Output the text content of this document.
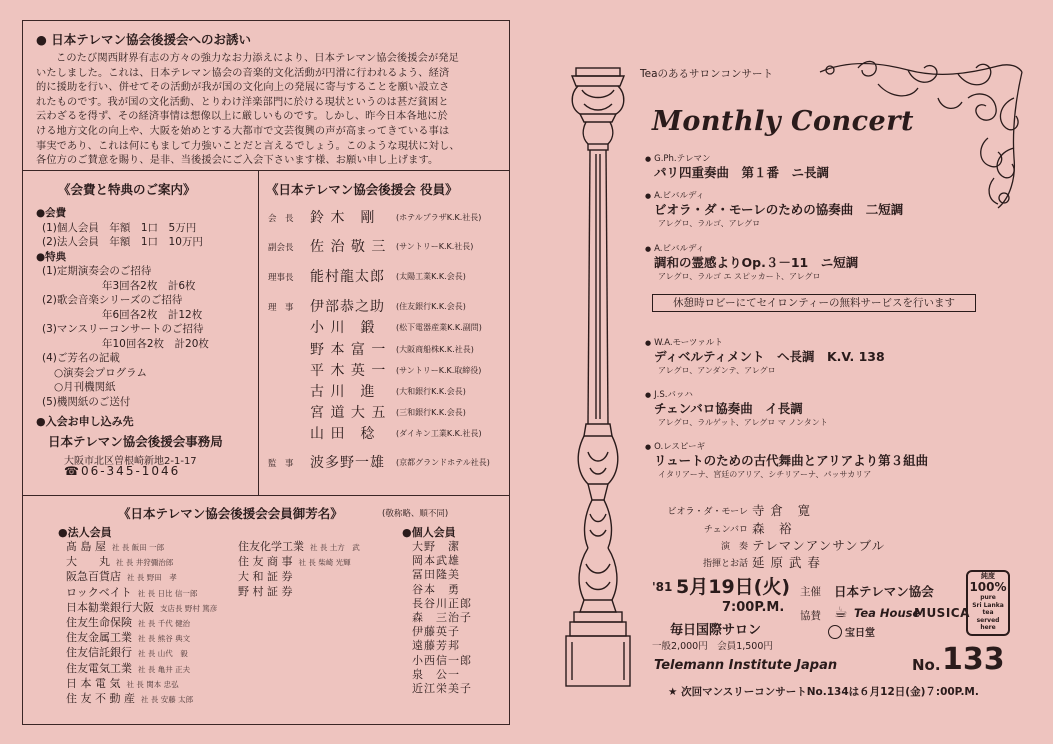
● 日本テレマン協会後援会へのお誘い
このたび関西財界有志の方々の強力なお力添えにより、日本テレマン協会後援会が発足
いたしました。これは、日本テレマン協会の音楽的文化活動が円滑に行われるよう、経済
的に援助を行い、併せてその活動が我が国の文化向上の発展に寄与することを願い設立さ
れたものです。我が国の文化活動、とりわけ洋楽部門に於ける現状というのは甚だ貧困と
云わざるを得ず、その経済事情は想像以上に厳しいものです。しかし、昨今日本各地に於
ける地方文化の向上や、大阪を始めとする大都市で文芸復興の声が高まってきている事は
事実であり、これは何にもまして力強いことだと言えるでしょう。このような現状に対し、
各位方のご賛意を賜り、是非、当後援会にご入会下さいます様、お願い申し上げます。
《会費と特典のご案内》
●会費
(1)個人会員　年額　1口　5万円
(2)法人会員　年額　1口　10万円
●特典
(1)定期演奏会のご招待
年3回各2枚　計6枚
(2)歌会音楽シリーズのご招待
年6回各2枚　計12枚
(3)マンスリーコンサートのご招待
年10回各2枚　計20枚
(4)ご芳名の記載
○演奏会プログラム
○月刊機関紙
(5)機関紙のご送付
●入会お申し込み先
日本テレマン協会後援会事務局
大阪市北区曽根崎新地2-1-17
☎06-345-1046
《日本テレマン協会後援会 役員》
会　長 鈴 木　剛	(ホテルプラザK.K.社長)
副会長 佐 治 敬 三 (サントリーK.K.社長)
理事長 能村龍太郎 (太陽工業K.K.会長)
理　事 伊部恭之助 (住友銀行K.K.会長)
小 川　鍛	(松下電器産業K.K.副問)
野 本 富 一 (大阪商船株K.K.社長)
平 木 英 一 (サントリーK.K.取締役)
古 川　進	(大和銀行K.K.会長)
宮 道 大 五 (三和銀行K.K.会長)
山 田　稔	(ダイキン工業K.K.社長)
監　事 波多野一雄 (京都グランドホテル社長)
《日本テレマン協会後援会会員御芳名》	(敬称略、順不同)
●法人会員	●個人会員
髙 島 屋 社 長 飯田 一郎
大　　丸 社 長 井狩彌治郎
阪急百貨店 社 長 野田　孝
ロックベイト 社 長 日比 信一郎
日本勧業銀行大阪 支店長 野村 篤彦
住友生命保険 社 長 千代 健治
住友金属工業 社 長 熊谷 典文
住友信託銀行 社 長 山代　毅
住友電気工業 社 長 亀井 正夫
日 本 電 気 社 長 関本 忠弘
住 友 不 動 産 社 長 安藤 太郎
住友化学工業 社 長 土方　武
住 友 商 事 社 長 柴崎 光輝
大 和 証 券
野 村 証 券
大野　潔
岡本武雄
冨田隆美
谷本　勇
長谷川正郎
森　三治子
伊藤英子
遠藤芳邦
小西信一郎
泉　公一
近江栄美子
Teaのあるサロンコンサート
Monthly Concert
● G.Ph.テレマン
パリ四重奏曲　第１番　ニ長調
● A.ビバルディ
ビオラ・ダ・モーレのための協奏曲　二短調
アレグロ、ラルゴ、アレグロ
● A.ビバルディ
調和の霊感よりOp.３－11　ニ短調
アレグロ、ラルゴ エ スピッカート、アレグロ
休憩時ロビーにてセイロンティーの無料サービスを行います
● W.A.モーツァルト
ディベルティメント　ヘ長調　K.V. 138
アレグロ、アンダンテ、アレグロ
● J.S.バッハ
チェンバロ協奏曲　イ長調
アレグロ、ラルゲット、アレグロ マ ノンタント
● O.レスピーギ
リュートのための古代舞曲とアリアより第３組曲
イタリアーナ、宮廷のアリア、シチリアーナ、パッサカリア
ビオラ・ダ・モーレ 寺 倉　寛
チェンバロ 森　裕
演　奏 テレマンアンサンブル
指揮とお話 延 原 武 春
'81 5月19日(火)
7:00P.M.
毎日国際サロン
一般2,000円　会員1,500円
主催 日本テレマン協会
協賛 ☕ Tea House
MUSICA
宝日堂
純度
100%
pure
Sri Lanka
tea
served
here
Telemann Institute Japan	No. 133
★ 次回マンスリーコンサートNo.134は６月12日(金)７:00P.M.
